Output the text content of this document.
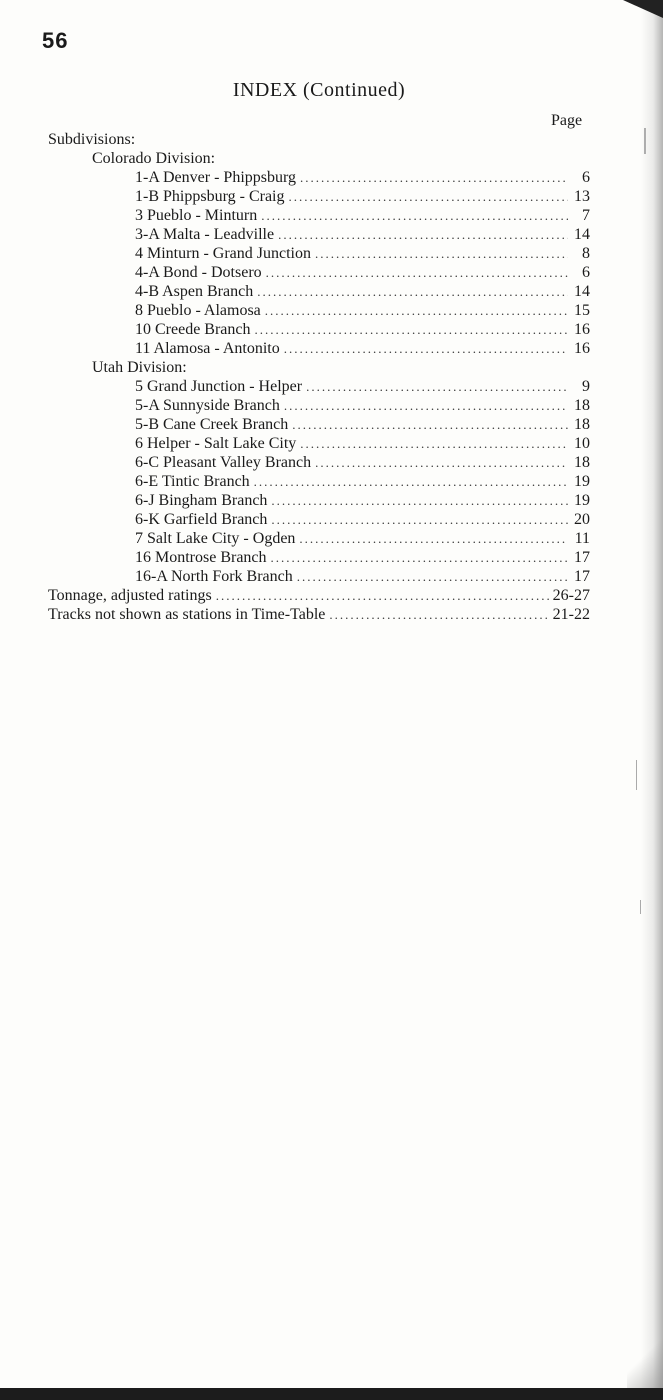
56
INDEX (Continued)
Page
Subdivisions:
Colorado Division:
1-A Denver - Phippsburg .....	6
1-B Phippsburg - Craig .....	13
3 Pueblo - Minturn .....	7
3-A Malta - Leadville .....	14
4 Minturn - Grand Junction .....	8
4-A Bond - Dotsero .....	6
4-B Aspen Branch .....	14
8 Pueblo - Alamosa .....	15
10 Creede Branch .....	16
11 Alamosa - Antonito .....	16
Utah Division:
5 Grand Junction - Helper .....	9
5-A Sunnyside Branch .....	18
5-B Cane Creek Branch .....	18
6 Helper - Salt Lake City .....	10
6-C Pleasant Valley Branch .....	18
6-E Tintic Branch .....	19
6-J Bingham Branch .....	19
6-K Garfield Branch .....	20
7 Salt Lake City - Ogden .....	11
16 Montrose Branch .....	17
16-A North Fork Branch .....	17
Tonnage, adjusted ratings .....	26-27
Tracks not shown as stations in Time-Table .....	21-22
